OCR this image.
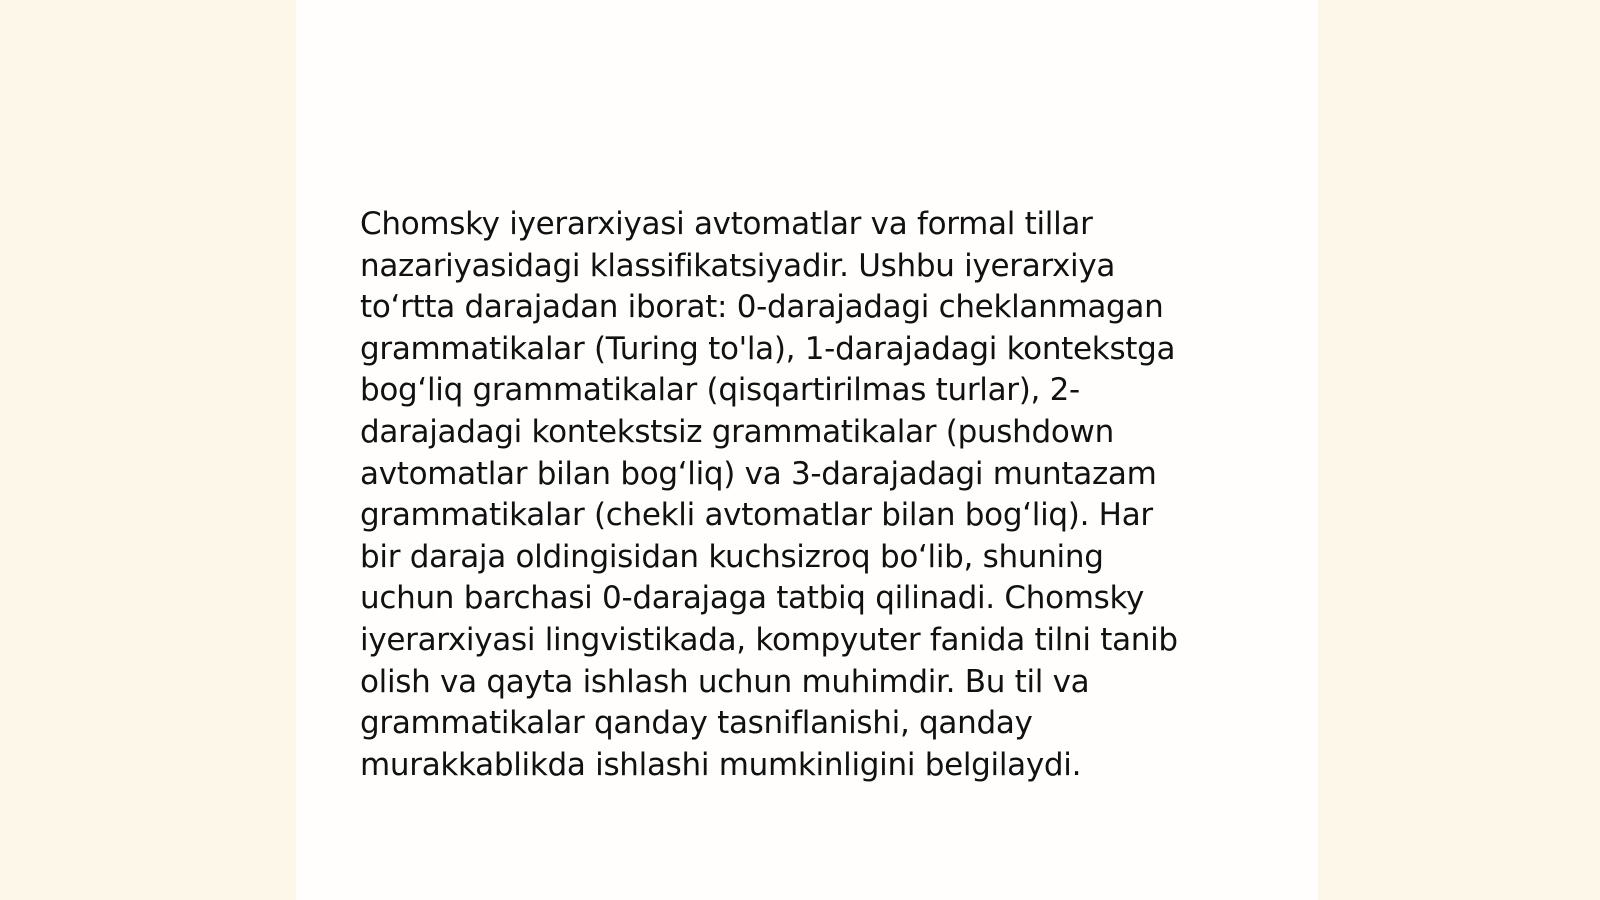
Chomsky iyerarxiyasi avtomatlar va formal tillar
nazariyasidagi klassifikatsiyadir. Ushbu iyerarxiya
to‘rtta darajadan iborat: 0-darajadagi cheklanmagan
grammatikalar (Turing to'la), 1-darajadagi kontekstga
bog‘liq grammatikalar (qisqartirilmas turlar), 2-
darajadagi kontekstsiz grammatikalar (pushdown
avtomatlar bilan bog‘liq) va 3-darajadagi muntazam
grammatikalar (chekli avtomatlar bilan bog‘liq). Har
bir daraja oldingisidan kuchsizroq bo‘lib, shuning
uchun barchasi 0-darajaga tatbiq qilinadi. Chomsky
iyerarxiyasi lingvistikada, kompyuter fanida tilni tanib
olish va qayta ishlash uchun muhimdir. Bu til va
grammatikalar qanday tasniflanishi, qanday
murakkablikda ishlashi mumkinligini belgilaydi.
